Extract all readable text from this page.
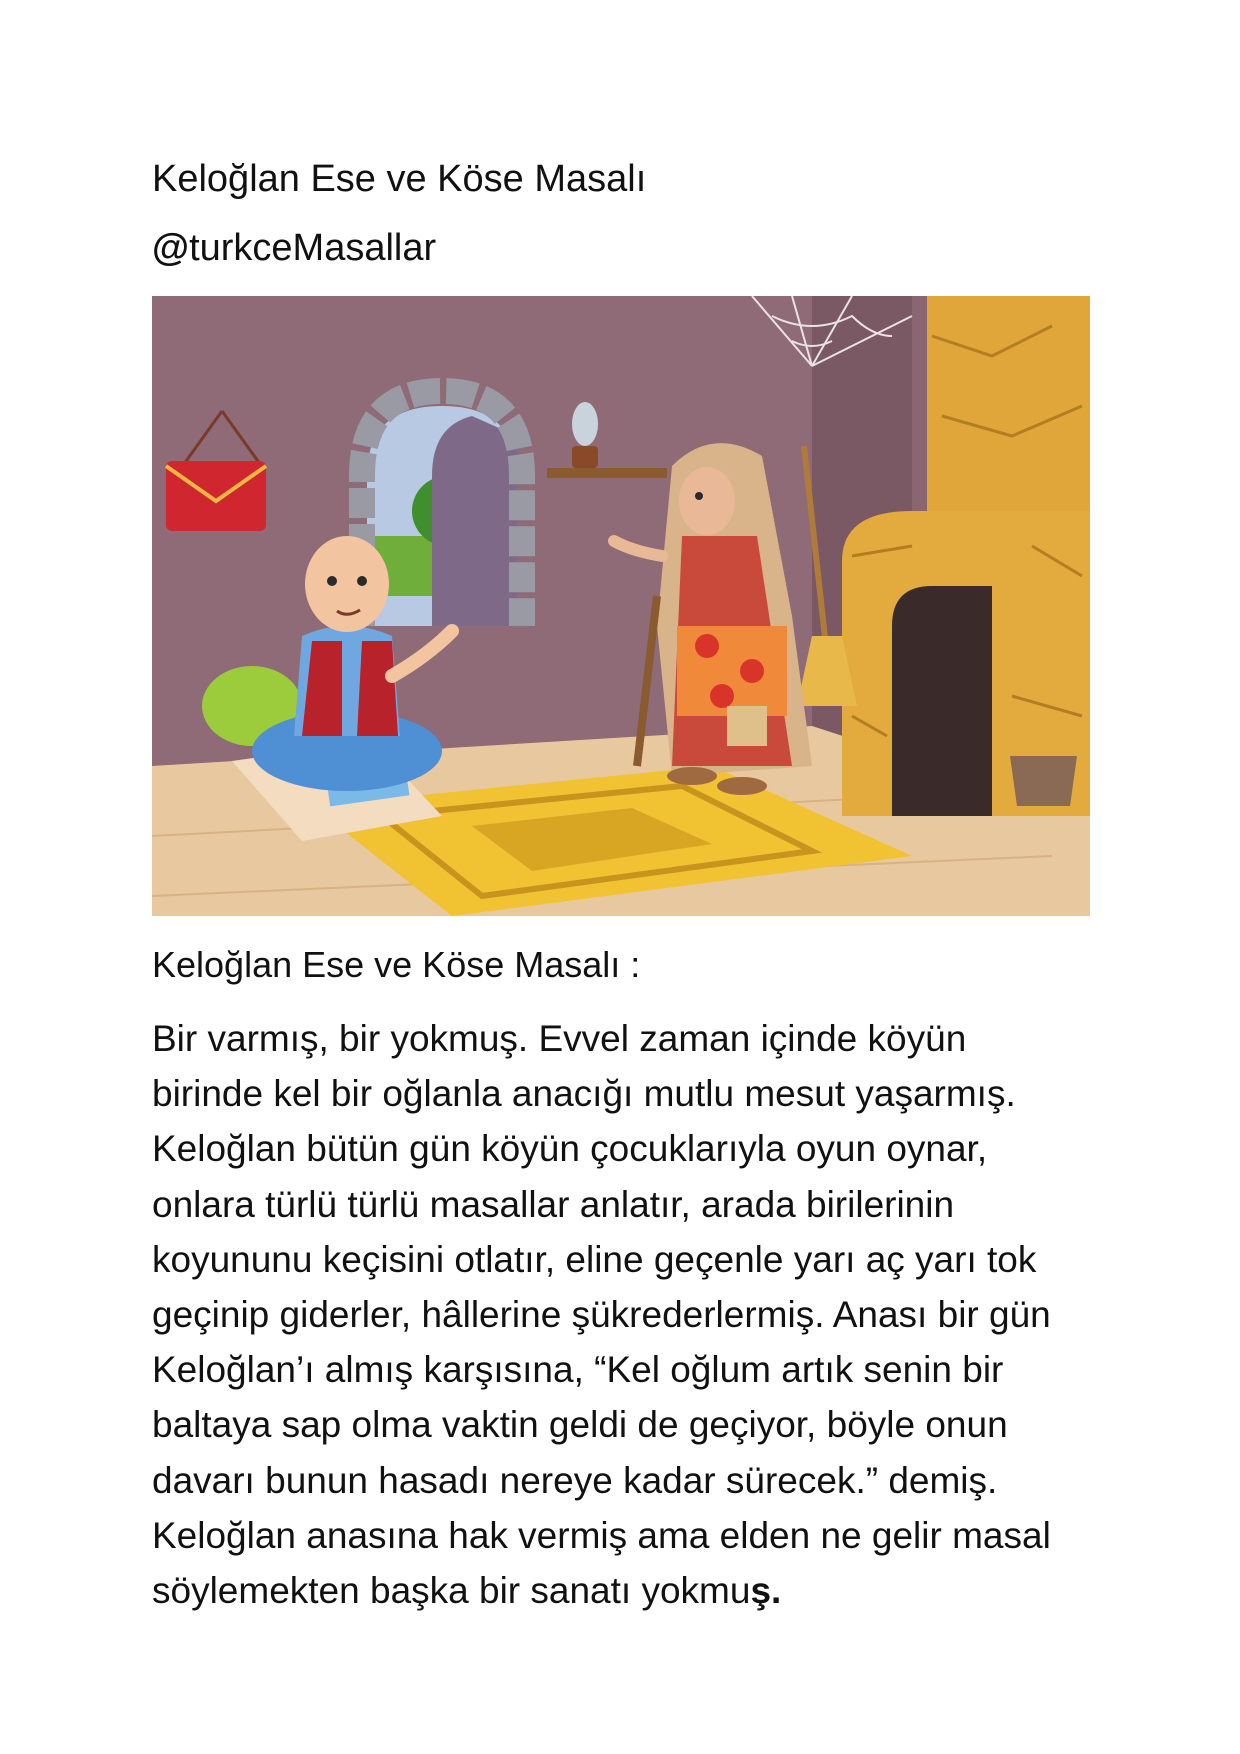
Keloğlan Ese ve Köse Masalı
@turkceMasallar
Keloğlan Ese ve Köse Masalı :

Bir varmış, bir yokmuş. Evvel zaman içinde köyün
birinde kel bir oğlanla anacığı mutlu mesut yaşarmış.
Keloğlan bütün gün köyün çocuklarıyla oyun oynar,
onlara türlü türlü masallar anlatır, arada birilerinin
koyununu keçisini otlatır, eline geçenle yarı aç yarı tok
geçinip giderler, hâllerine şükrederlermiş. Anası bir gün
Keloğlan’ı almış karşısına, “Kel oğlum artık senin bir
baltaya sap olma vaktin geldi de geçiyor, böyle onun
davarı bunun hasadı nereye kadar sürecek.” demiş.
Keloğlan anasına hak vermiş ama elden ne gelir masal
söylemekten başka bir sanatı yokmuş.
